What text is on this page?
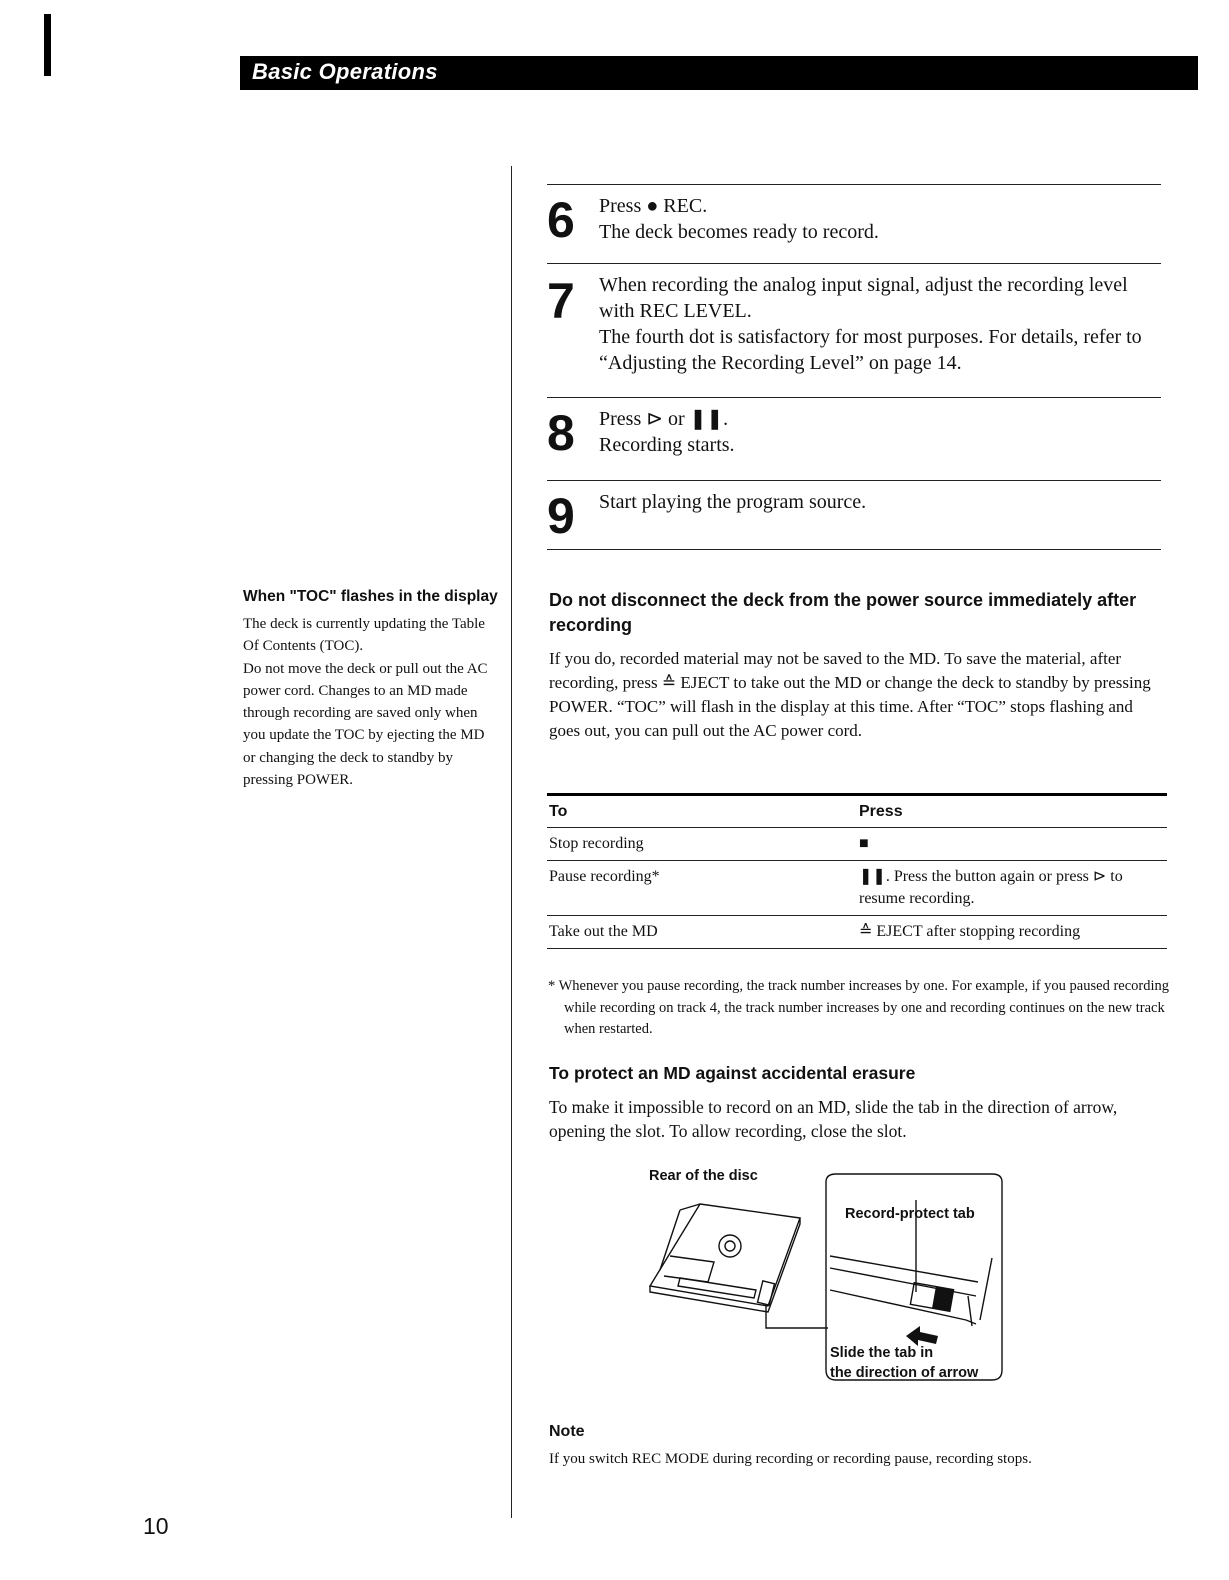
Basic Operations
When "TOC" flashes in the display

The deck is currently updating the Table Of Contents (TOC).

Do not move the deck or pull out the AC power cord. Changes to an MD made through recording are saved only when you update the TOC by ejecting the MD or changing the deck to standby by pressing POWER.

6 Press ● REC.
The deck becomes ready to record.
7 When recording the analog input signal, adjust the recording level with REC LEVEL.
The fourth dot is satisfactory for most purposes. For details, refer to “Adjusting the Recording Level” on page 14.
8 Press ⊳ or ❚❚.
Recording starts.
9 Start playing the program source.
Do not disconnect the deck from the power source immediately after recording
If you do, recorded material may not be saved to the MD. To save the material, after recording, press ≙ EJECT to take out the MD or change the deck to standby by pressing POWER. “TOC” will flash in the display at this time. After “TOC” stops flashing and goes out, you can pull out the AC power cord.
To	Press
Stop recording	■
Pause recording*	❚❚. Press the button again or press ⊳ to resume recording.
Take out the MD	≙ EJECT after stopping recording
* Whenever you pause recording, the track number increases by one. For example, if you paused recording while recording on track 4, the track number increases by one and recording continues on the new track when restarted.
To protect an MD against accidental erasure
To make it impossible to record on an MD, slide the tab in the direction of arrow, opening the slot. To allow recording, close the slot.
Rear of the disc
Record-protect tab
Slide the tab in
the direction of arrow
Note
If you switch REC MODE during recording or recording pause, recording stops.
10
